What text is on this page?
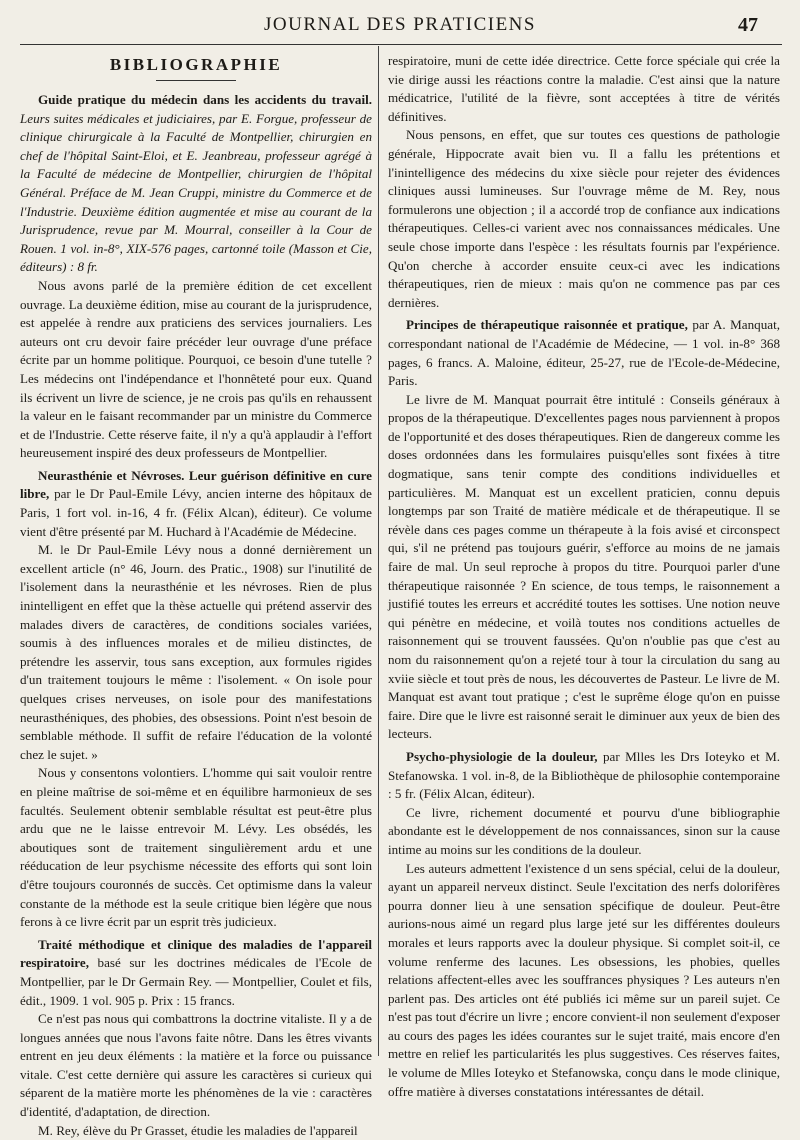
JOURNAL DES PRATICIENS	47
BIBLIOGRAPHIE

Guide pratique du médecin dans les accidents du travail. Leurs suites médicales et judiciaires, par E. Forgue, professeur de clinique chirurgicale à la Faculté de Montpellier, chirurgien en chef de l'hôpital Saint-Eloi, et E. Jeanbreau, professeur agrégé à la Faculté de médecine de Montpellier, chirurgien de l'hôpital Général. Préface de M. Jean Cruppi, ministre du Commerce et de l'Industrie. Deuxième édition augmentée et mise au courant de la Jurisprudence, revue par M. Mourral, conseiller à la Cour de Rouen. 1 vol. in-8°, XIX-576 pages, cartonné toile (Masson et Cie, éditeurs) : 8 fr.

Nous avons parlé de la première édition de cet excellent ouvrage. La deuxième édition, mise au courant de la jurisprudence, est appelée à rendre aux praticiens des services journaliers. Les auteurs ont cru devoir faire précéder leur ouvrage d'une préface écrite par un homme politique. Pourquoi, ce besoin d'une tutelle ? Les médecins ont l'indépendance et l'honnêteté pour eux. Quand ils écrivent un livre de science, je ne crois pas qu'ils en rehaussent la valeur en le faisant recommander par un ministre du Commerce et de l'Industrie. Cette réserve faite, il n'y a qu'à applaudir à l'effort heureusement inspiré des deux professeurs de Montpellier.

Neurasthénie et Névroses. Leur guérison définitive en cure libre, par le Dr Paul-Emile Lévy, ancien interne des hôpitaux de Paris, 1 fort vol. in-16, 4 fr. (Félix Alcan), éditeur). Ce volume vient d'être présenté par M. Huchard à l'Académie de Médecine.

M. le Dr Paul-Emile Lévy nous a donné dernièrement un excellent article (n° 46, Journ. des Pratic., 1908) sur l'inutilité de l'isolement dans la neurasthénie et les névroses. Rien de plus inintelligent en effet que la thèse actuelle qui prétend asservir des malades divers de caractères, de conditions sociales variées, soumis à des influences morales et de milieu distinctes, de prétendre les asservir, tous sans exception, aux formules rigides d'un traitement toujours le même : l'isolement. « On isole pour quelques crises nerveuses, on isole pour des manifestations neurasthéniques, des phobies, des obsessions. Point n'est besoin de semblable méthode. Il suffit de refaire l'éducation de la volonté chez le sujet. »

Nous y consentons volontiers. L'homme qui sait vouloir rentre en pleine maîtrise de soi-même et en équilibre harmonieux de ses facultés. Seulement obtenir semblable résultat est peut-être plus ardu que ne le laisse entrevoir M. Lévy. Les obsédés, les aboutiques sont de traitement singulièrement ardu et une rééducation de leur psychisme nécessite des efforts qui sont loin d'être toujours couronnés de succès. Cet optimisme dans la valeur constante de la méthode est la seule critique bien légère que nous ferons à ce livre écrit par un esprit très judicieux.

Traité méthodique et clinique des maladies de l'appareil respiratoire, basé sur les doctrines médicales de l'Ecole de Montpellier, par le Dr Germain Rey. — Montpellier, Coulet et fils, édit., 1909. 1 vol. 905 p. Prix : 15 francs.

Ce n'est pas nous qui combattrons la doctrine vitaliste. Il y a de longues années que nous l'avons faite nôtre. Dans les êtres vivants entrent en jeu deux éléments : la matière et la force ou puissance vitale. C'est cette dernière qui assure les caractères si curieux qui séparent de la matière morte les phénomènes de la vie : caractères d'identité, d'adaptation, de direction.

M. Rey, élève du Pr Grasset, étudie les maladies de l'appareil

respiratoire, muni de cette idée directrice. Cette force spéciale qui crée la vie dirige aussi les réactions contre la maladie. C'est ainsi que la nature médicatrice, l'utilité de la fièvre, sont acceptées à titre de vérités définitives.

Nous pensons, en effet, que sur toutes ces questions de pathologie générale, Hippocrate avait bien vu. Il a fallu les prétentions et l'inintelligence des médecins du xixe siècle pour rejeter des évidences cliniques aussi lumineuses. Sur l'ouvrage même de M. Rey, nous formulerons une objection ; il a accordé trop de confiance aux indications thérapeutiques. Celles-ci varient avec nos connaissances médicales. Une seule chose importe dans l'espèce : les résultats fournis par l'expérience. Qu'on cherche à accorder ensuite ceux-ci avec les indications thérapeutiques, rien de mieux : mais qu'on ne commence pas par ces dernières.

Principes de thérapeutique raisonnée et pratique, par A. Manquat, correspondant national de l'Académie de Médecine, — 1 vol. in-8° 368 pages, 6 francs. A. Maloine, éditeur, 25-27, rue de l'Ecole-de-Médecine, Paris.

Le livre de M. Manquat pourrait être intitulé : Conseils généraux à propos de la thérapeutique. D'excellentes pages nous parviennent à propos de l'opportunité et des doses thérapeutiques. Rien de dangereux comme les doses ordonnées dans les formulaires puisqu'elles sont fixées à titre dogmatique, sans tenir compte des conditions individuelles et particulières. M. Manquat est un excellent praticien, connu depuis longtemps par son Traité de matière médicale et de thérapeutique. Il se révèle dans ces pages comme un thérapeute à la fois avisé et circonspect qui, s'il ne prétend pas toujours guérir, s'efforce au moins de ne jamais faire de mal. Un seul reproche à propos du titre. Pourquoi parler d'une thérapeutique raisonnée ? En science, de tous temps, le raisonnement a justifié toutes les erreurs et accrédité toutes les sottises. Une notion neuve qui pénètre en médecine, et voilà toutes nos conditions actuelles de raisonnement qui se trouvent faussées. Qu'on n'oublie pas que c'est au nom du raisonnement qu'on a rejeté tour à tour la circulation du sang au xviie siècle et tout près de nous, les découvertes de Pasteur. Le livre de M. Manquat est avant tout pratique ; c'est le suprême éloge qu'on en puisse faire. Dire que le livre est raisonné serait le diminuer aux yeux de bien des lecteurs.

Psycho-physiologie de la douleur, par Mlles les Drs Ioteyko et M. Stefanowska. 1 vol. in-8, de la Bibliothèque de philosophie contemporaine : 5 fr. (Félix Alcan, éditeur).

Ce livre, richement documenté et pourvu d'une bibliographie abondante est le développement de nos connaissances, sinon sur la cause intime au moins sur les conditions de la douleur.

Les auteurs admettent l'existence d un sens spécial, celui de la douleur, ayant un appareil nerveux distinct. Seule l'excitation des nerfs dolorifères pourra donner lieu à une sensation spécifique de douleur. Peut-être aurions-nous aimé un regard plus large jeté sur les différentes douleurs morales et leurs rapports avec la douleur physique. Si complet soit-il, ce volume renferme des lacunes. Les obsessions, les phobies, quelles relations affectent-elles avec les souffrances physiques ? Les auteurs n'en parlent pas. Des articles ont été publiés ici même sur un pareil sujet. Ce n'est pas tout d'écrire un livre ; encore convient-il non seulement d'exposer au cours des pages les idées courantes sur le sujet traité, mais encore d'en mettre en relief les particularités les plus suggestives. Ces réserves faites, le volume de Mlles Ioteyko et Stefanowska, conçu dans le mode clinique, offre matière à diverses constatations intéressantes de détail.
